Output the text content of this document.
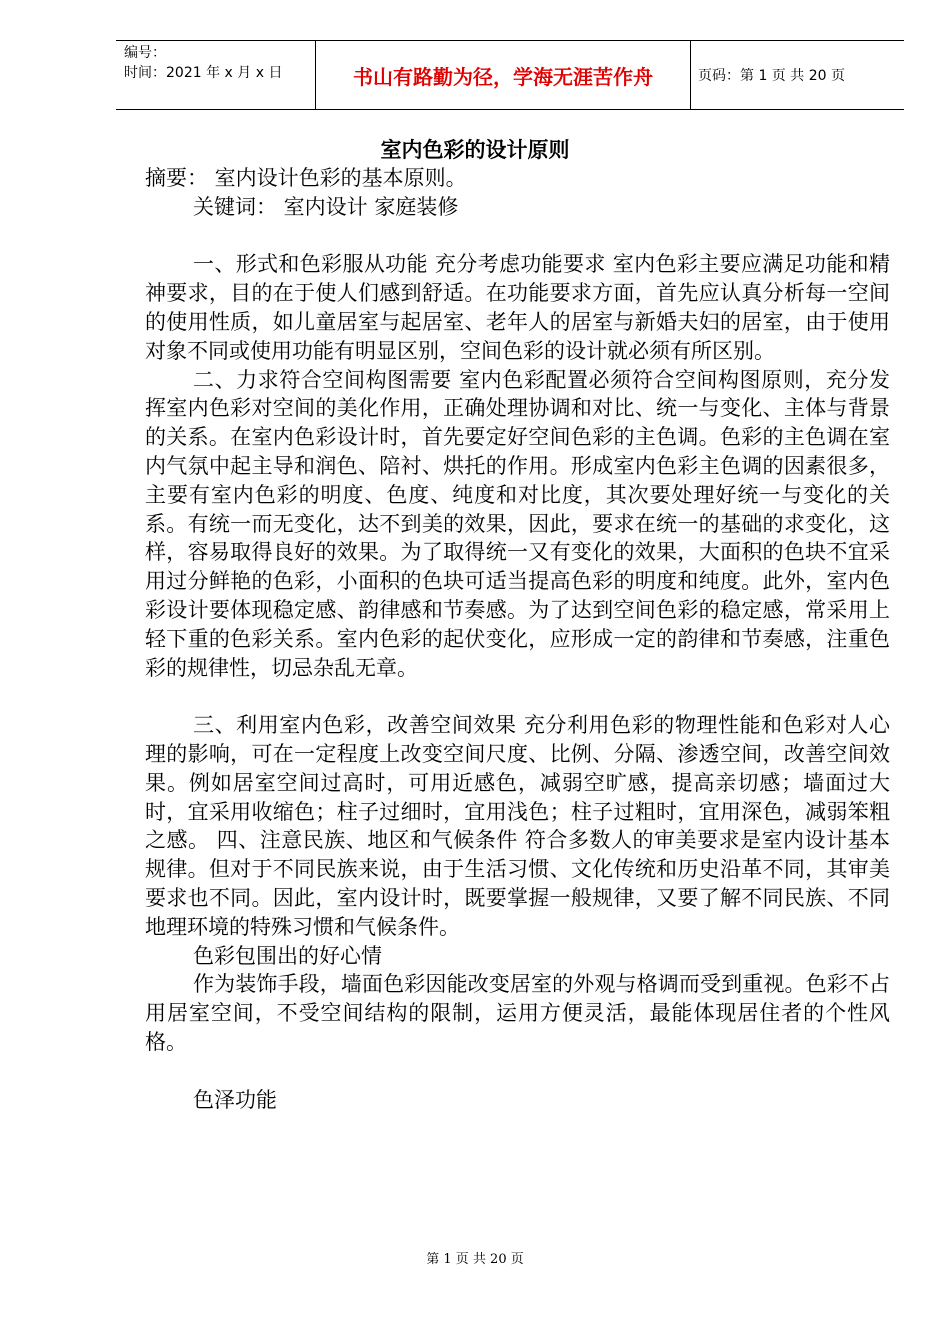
编号：
时间：2021 年 x 月 x 日	书山有路勤为径，学海无涯苦作舟	页码：第 1 页 共 20 页
室内色彩的设计原则

摘要： 室内设计色彩的基本原则。

关键词： 室内设计 家庭装修

一、形式和色彩服从功能 充分考虑功能要求 室内色彩主要应满足功能和精神要求，目的在于使人们感到舒适。在功能要求方面，首先应认真分析每一空间的使用性质，如儿童居室与起居室、老年人的居室与新婚夫妇的居室，由于使用对象不同或使用功能有明显区别，空间色彩的设计就必须有所区别。

二、力求符合空间构图需要 室内色彩配置必须符合空间构图原则，充分发挥室内色彩对空间的美化作用，正确处理协调和对比、统一与变化、主体与背景的关系。在室内色彩设计时，首先要定好空间色彩的主色调。色彩的主色调在室内气氛中起主导和润色、陪衬、烘托的作用。形成室内色彩主色调的因素很多，主要有室内色彩的明度、色度、纯度和对比度，其次要处理好统一与变化的关系。有统一而无变化，达不到美的效果，因此，要求在统一的基础的求变化，这样，容易取得良好的效果。为了取得统一又有变化的效果，大面积的色块不宜采用过分鲜艳的色彩，小面积的色块可适当提高色彩的明度和纯度。此外，室内色彩设计要体现稳定感、韵律感和节奏感。为了达到空间色彩的稳定感，常采用上轻下重的色彩关系。室内色彩的起伏变化，应形成一定的韵律和节奏感，注重色彩的规律性，切忌杂乱无章。

三、利用室内色彩，改善空间效果 充分利用色彩的物理性能和色彩对人心理的影响，可在一定程度上改变空间尺度、比例、分隔、渗透空间，改善空间效果。例如居室空间过高时，可用近感色，减弱空旷感，提高亲切感；墙面过大时，宜采用收缩色；柱子过细时，宜用浅色；柱子过粗时，宜用深色，减弱笨粗之感。 四、注意民族、地区和气候条件 符合多数人的审美要求是室内设计基本规律。但对于不同民族来说，由于生活习惯、文化传统和历史沿革不同，其审美要求也不同。因此，室内设计时，既要掌握一般规律，又要了解不同民族、不同地理环境的特殊习惯和气候条件。

色彩包围出的好心情

作为装饰手段，墙面色彩因能改变居室的外观与格调而受到重视。色彩不占用居室空间，不受空间结构的限制，运用方便灵活，最能体现居住者的个性风格。

色泽功能

第 1 页 共 20 页
